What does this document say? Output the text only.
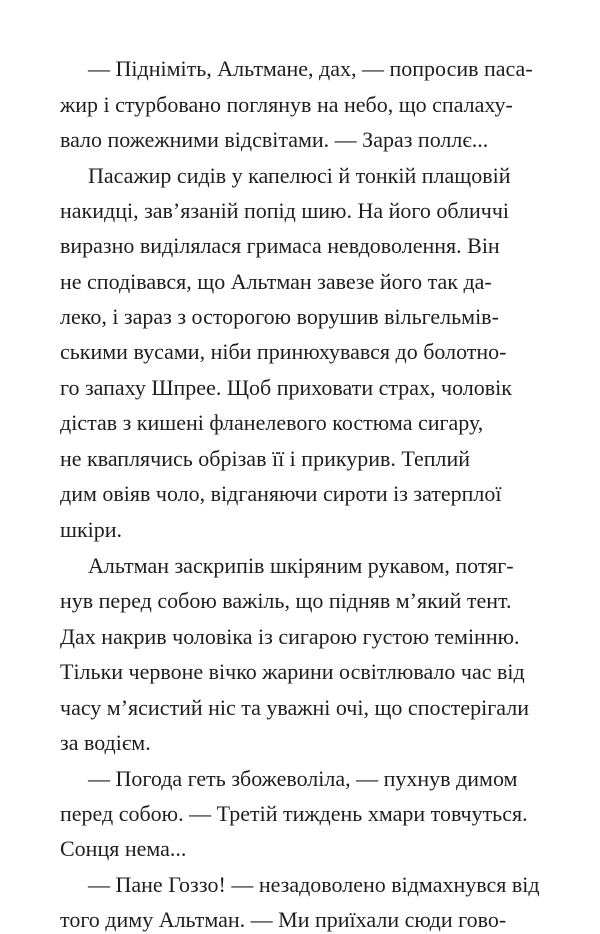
— Підніміть, Альтмане, дах, — попросив паса-
жир і стурбовано поглянув на небо, що спалаху-
вало пожежними відсвітами. — Зараз поллє...
Пасажир сидів у капелюсі й тонкій плащовій
накидці, зав’язаній попід шию. На його обличчі
виразно виділялася гримаса невдоволення. Він
не сподівався, що Альтман завезе його так да-
леко, і зараз з осторогою ворушив вільгельмів-
ськими вусами, ніби принюхувався до болотно-
го запаху Шпрее. Щоб приховати страх, чоловік
дістав з кишені фланелевого костюма сигару,
не кваплячись обрізав її і прикурив. Теплий
дим овіяв чоло, відганяючи сироти із затерплої
шкіри.
Альтман заскрипів шкіряним рукавом, потяг-
нув перед собою важіль, що підняв м’який тент.
Дах накрив чоловіка із сигарою густою темінню.
Тільки червоне вічко жарини освітлювало час від
часу м’ясистий ніс та уважні очі, що спостерігали
за водієм.
— Погода геть збожеволіла, — пухнув димом
перед собою. — Третій тиждень хмари товчуться.
Сонця нема...
— Пане Гоззо! — незадоволено відмахнувся від
того диму Альтман. — Ми приїхали сюди гово-
